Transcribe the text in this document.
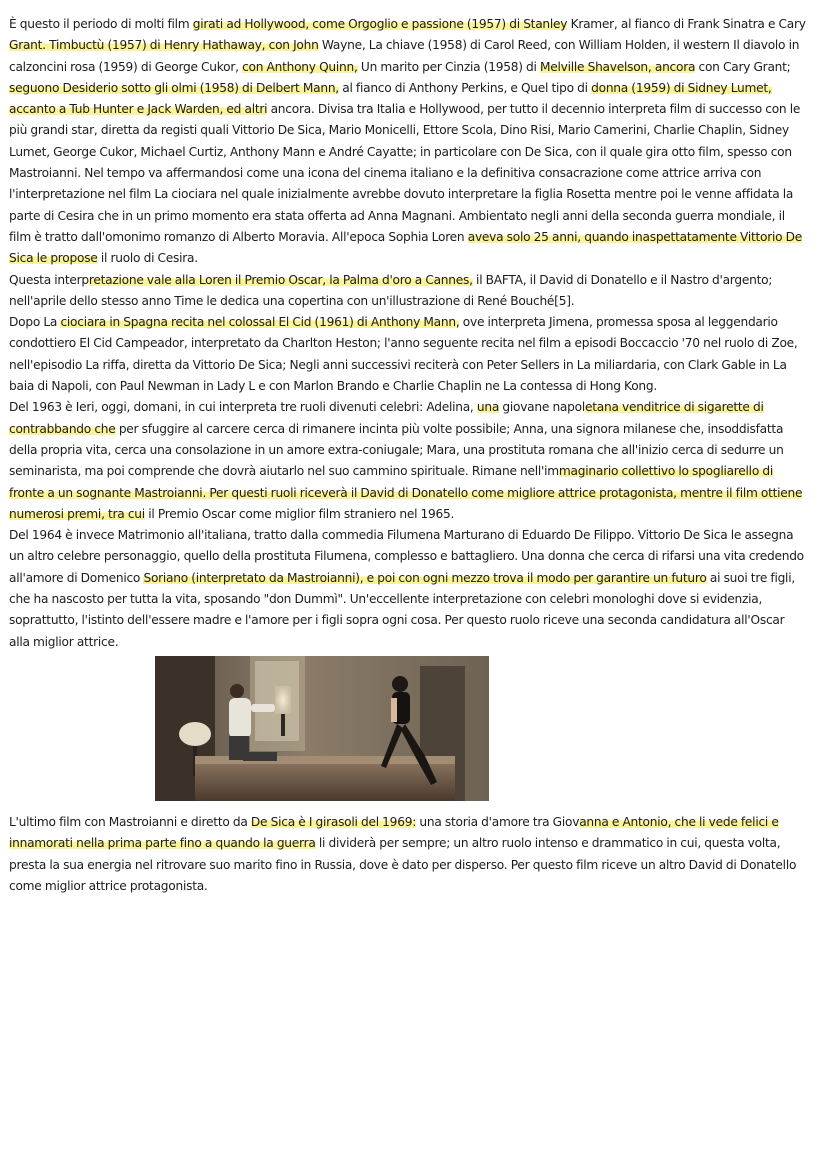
È questo il periodo di molti film girati ad Hollywood, come Orgoglio e passione (1957) di Stanley Kramer, al fianco di Frank Sinatra e Cary Grant. Timbuctù (1957) di Henry Hathaway, con John Wayne, La chiave (1958) di Carol Reed, con William Holden, il western Il diavolo in calzoncini rosa (1959) di George Cukor, con Anthony Quinn, Un marito per Cinzia (1958) di Melville Shavelson, ancora con Cary Grant; seguono Desiderio sotto gli olmi (1958) di Delbert Mann, al fianco di Anthony Perkins, e Quel tipo di donna (1959) di Sidney Lumet, accanto a Tub Hunter e Jack Warden, ed altri ancora. Divisa tra Italia e Hollywood, per tutto il decennio interpreta film di successo con le più grandi star, diretta da registi quali Vittorio De Sica, Mario Monicelli, Ettore Scola, Dino Risi, Mario Camerini, Charlie Chaplin, Sidney Lumet, George Cukor, Michael Curtiz, Anthony Mann e André Cayatte; in particolare con De Sica, con il quale gira otto film, spesso con Mastroianni. Nel tempo va affermandosi come una icona del cinema italiano e la definitiva consacrazione come attrice arriva con l'interpretazione nel film La ciociara nel quale inizialmente avrebbe dovuto interpretare la figlia Rosetta mentre poi le venne affidata la parte di Cesira che in un primo momento era stata offerta ad Anna Magnani. Ambientato negli anni della seconda guerra mondiale, il film è tratto dall'omonimo romanzo di Alberto Moravia. All'epoca Sophia Loren aveva solo 25 anni, quando inaspettatamente Vittorio De Sica le propose il ruolo di Cesira.

Questa interpretazione vale alla Loren il Premio Oscar, la Palma d'oro a Cannes, il BAFTA, il David di Donatello e il Nastro d'argento; nell'aprile dello stesso anno Time le dedica una copertina con un'illustrazione di René Bouché[5].

Dopo La ciociara in Spagna recita nel colossal El Cid (1961) di Anthony Mann, ove interpreta Jimena, promessa sposa al leggendario condottiero El Cid Campeador, interpretato da Charlton Heston; l'anno seguente recita nel film a episodi Boccaccio '70 nel ruolo di Zoe, nell'episodio La riffa, diretta da Vittorio De Sica; Negli anni successivi reciterà con Peter Sellers in La miliardaria, con Clark Gable in La baia di Napoli, con Paul Newman in Lady L e con Marlon Brando e Charlie Chaplin ne La contessa di Hong Kong.

Del 1963 è Ieri, oggi, domani, in cui interpreta tre ruoli divenuti celebri: Adelina, una giovane napoletana venditrice di sigarette di contrabbando che per sfuggire al carcere cerca di rimanere incinta più volte possibile; Anna, una signora milanese che, insoddisfatta della propria vita, cerca una consolazione in un amore extra-coniugale; Mara, una prostituta romana che all'inizio cerca di sedurre un seminarista, ma poi comprende che dovrà aiutarlo nel suo cammino spirituale. Rimane nell'immaginario collettivo lo spogliarello di fronte a un sognante Mastroianni. Per questi ruoli riceverà il David di Donatello come migliore attrice protagonista, mentre il film ottiene numerosi premi, tra cui il Premio Oscar come miglior film straniero nel 1965.

Del 1964 è invece Matrimonio all'italiana, tratto dalla commedia Filumena Marturano di Eduardo De Filippo. Vittorio De Sica le assegna un altro celebre personaggio, quello della prostituta Filumena, complesso e battagliero. Una donna che cerca di rifarsi una vita credendo all'amore di Domenico Soriano (interpretato da Mastroianni), e poi con ogni mezzo trova il modo per garantire un futuro ai suoi tre figli, che ha nascosto per tutta la vita, sposando "don Dummì". Un'eccellente interpretazione con celebri monologhi dove si evidenzia, soprattutto, l'istinto dell'essere madre e l'amore per i figli sopra ogni cosa. Per questo ruolo riceve una seconda candidatura all'Oscar alla miglior attrice.

L'ultimo film con Mastroianni e diretto da De Sica è I girasoli del 1969: una storia d'amore tra Giovanna e Antonio, che li vede felici e innamorati nella prima parte fino a quando la guerra li dividerà per sempre; un altro ruolo intenso e drammatico in cui, questa volta, presta la sua energia nel ritrovare suo marito fino in Russia, dove è dato per disperso. Per questo film riceve un altro David di Donatello come miglior attrice protagonista.
